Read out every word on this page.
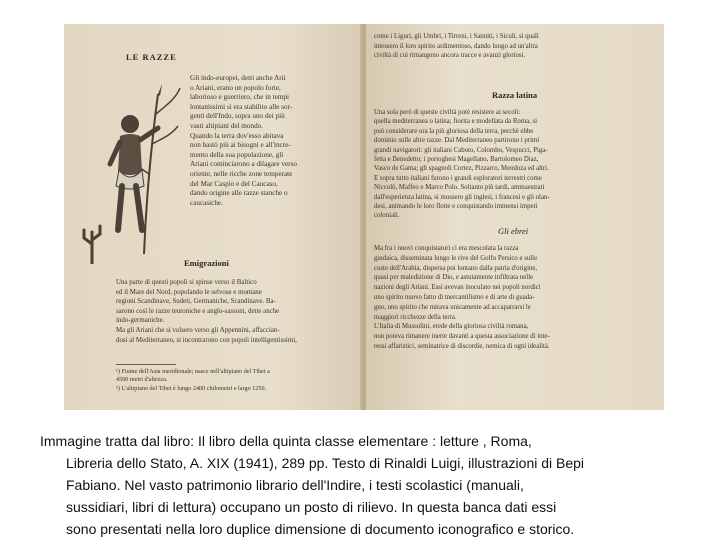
LE RAZZE
Gli indo-europei, detti anche Arii
o Ariani, erano un popolo forte,
laborioso e guerriero, che in tempi
lontanissimi si era stabilito alle sor-
genti dell'Indo, sopra uno dei più
vasti altipiani del mondo.
Quando la terra dov'esso abitava
non bastò più ai bisogni e all'incre-
mento della sua popolazione, gli
Ariani cominciarono a dilagare verso
oriente, nelle ricche zone temperate
del Mar Caspio e del Caucaso,
dando origine alle razze stanche o
caucasiche.
Emigrazioni
Una parte di questi popoli si spinse verso il Baltico
ed il Mare del Nord, popolando le selvose e montane
regioni Scandinave, Sudeti, Germaniche, Scandinave. Ba-
sarono così le razze teutoniche e anglo-sassoni, dette anche
indo-germaniche.
Ma gli Ariani che si volsero verso gli Appennini, affaccian-
dosi al Mediterraneo, si incontrarono con popoli intelligentissimi,
¹) Fiume dell'Asia meridionale; nasce nell'altipiano del Tibet a
4500 metri d'altezza.
²) L'altipiano del Tibet è lungo 2400 chilometri e largo 1250.
come i Liguri, gli Umbri, i Tirreni, i Sanniti, i Siculi, si quali
intessero il loro spirito ardimentoso, dando luogo ad un'altra
civiltà di cui rimangono ancora tracce e avanzi gloriosi.
Razza latina
Una sola però di queste civiltà potè resistere ai secoli:
quella mediterranea o latina; fiorita e modellata da Roma, si
può considerare ora la più gloriosa della terra, perchè ebbe
dominio sulle altre razze. Dal Mediterraneo partirono i primi
grandi navigatori: gli italiani Caboto, Colombo, Vespucci, Piga-
fetta e Benedetto; i portoghesi Magellano, Bartolomeo Diaz,
Vasco de Gama; gli spagnoli Cortez, Pizzarro, Mendoza ed altri.
E sopra tutto italiani furono i grandi esploratori terrestri come
Niccolò, Maffeo e Marco Polo. Soltanto più tardi, ammaestrati
dall'esperienza latina, si mossero gli inglesi, i francesi e gli olan-
desi, animando le loro flotte e conquistando immensi imperi
coloniali.
Gli ebrei
Ma fra i nuovi conquistatori ci era mescolata la razza
giudaica, disseminata lungo le rive del Golfo Persico e sulle
coste dell'Arabia, dispersa poi lontano dalla patria d'origine,
quasi per maledizione di Dio, e astutamente infiltrata nelle
nazioni degli Ariani. Essi avevan inoculato nei popoli nordici
uno spirito nuovo fatto di mercantilismo e di arte di guada-
gno, uno spirito che mirava unicamente ad accaparrarsi le
maggiori ricchezze della terra.
L'Italia di Mussolini, erede della gloriosa civiltà romana,
non poteva rimanere inerte davanti a questa associazione di inte-
ressi affaristici, seminatrice di discordie, nemica di ogni idealità.
Immagine tratta dal libro: Il libro della quinta classe elementare : letture , Roma,
Libreria dello Stato, A. XIX (1941), 289 pp. Testo di Rinaldi Luigi, illustrazioni di Bepi
Fabiano. Nel vasto patrimonio librario dell'Indire, i testi scolastici (manuali,
sussidiari, libri di lettura) occupano un posto di rilievo. In questa banca dati essi
sono presentati nella loro duplice dimensione di documento iconografico e storico.
